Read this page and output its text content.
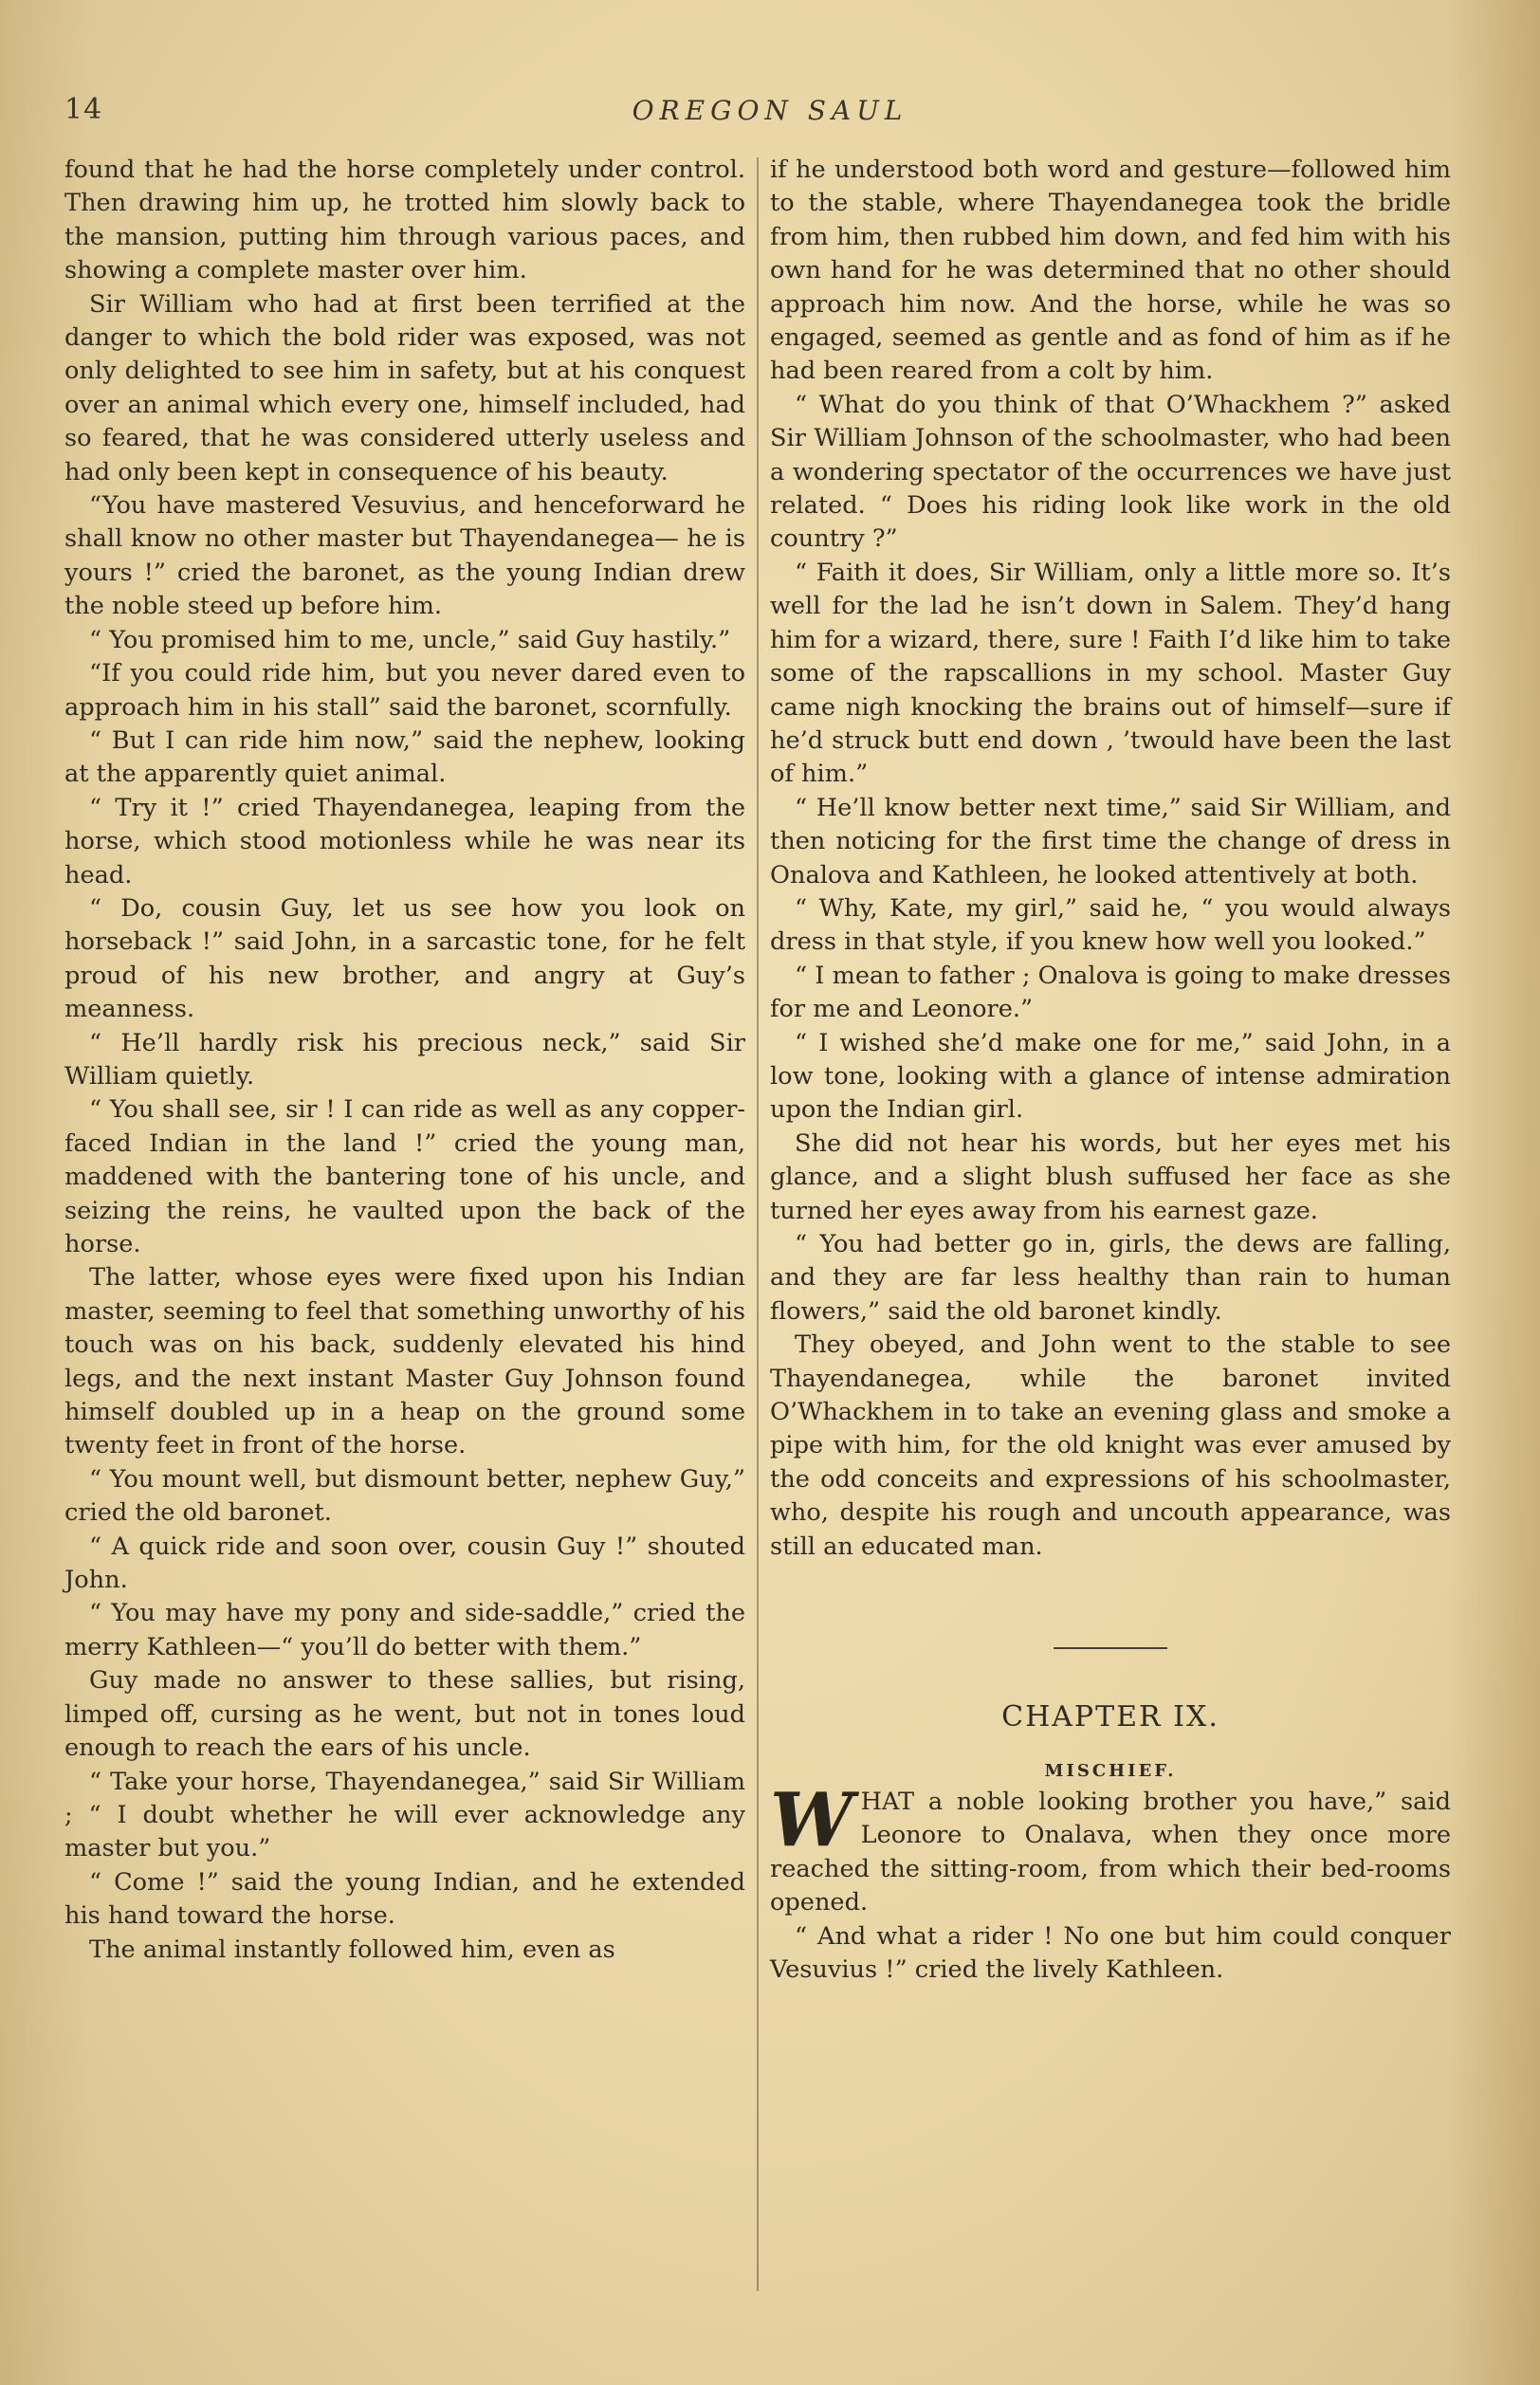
14	OREGON SAUL

found that he had the horse completely under control. Then drawing him up, he trotted him slowly back to the mansion, putting him through various paces, and showing a complete master over him.

Sir William who had at first been terrified at the danger to which the bold rider was exposed, was not only delighted to see him in safety, but at his conquest over an animal which every one, himself included, had so feared, that he was considered utterly useless and had only been kept in consequence of his beauty.

“You have mastered Vesuvius, and henceforward he shall know no other master but Thayendanegea— he is yours !” cried the baronet, as the young Indian drew the noble steed up before him.

“ You promised him to me, uncle,” said Guy hastily.”

“If you could ride him, but you never dared even to approach him in his stall” said the baronet, scornfully.

“ But I can ride him now,” said the nephew, looking at the apparently quiet animal.

“ Try it !” cried Thayendanegea, leaping from the horse, which stood motionless while he was near its head.

“ Do, cousin Guy, let us see how you look on horseback !” said John, in a sarcastic tone, for he felt proud of his new brother, and angry at Guy’s meanness.

“ He’ll hardly risk his precious neck,” said Sir William quietly.

“ You shall see, sir ! I can ride as well as any copper-faced Indian in the land !” cried the young man, maddened with the bantering tone of his uncle, and seizing the reins, he vaulted upon the back of the horse.

The latter, whose eyes were fixed upon his Indian master, seeming to feel that something unworthy of his touch was on his back, suddenly elevated his hind legs, and the next instant Master Guy Johnson found himself doubled up in a heap on the ground some twenty feet in front of the horse.

“ You mount well, but dismount better, nephew Guy,” cried the old baronet.

“ A quick ride and soon over, cousin Guy !” shouted John.

“ You may have my pony and side-saddle,” cried the merry Kathleen—“ you’ll do better with them.”

Guy made no answer to these sallies, but rising, limped off, cursing as he went, but not in tones loud enough to reach the ears of his uncle.

“ Take your horse, Thayendanegea,” said Sir William ; “ I doubt whether he will ever acknowledge any master but you.”

“ Come !” said the young Indian, and he extended his hand toward the horse.

The animal instantly followed him, even as

if he understood both word and gesture—followed him to the stable, where Thayendanegea took the bridle from him, then rubbed him down, and fed him with his own hand for he was determined that no other should approach him now. And the horse, while he was so engaged, seemed as gentle and as fond of him as if he had been reared from a colt by him.

“ What do you think of that O’Whackhem ?” asked Sir William Johnson of the schoolmaster, who had been a wondering spectator of the occurrences we have just related. “ Does his riding look like work in the old country ?”

“ Faith it does, Sir William, only a little more so. It’s well for the lad he isn’t down in Salem. They’d hang him for a wizard, there, sure ! Faith I’d like him to take some of the rapscallions in my school. Master Guy came nigh knocking the brains out of himself—sure if he’d struck butt end down , ’twould have been the last of him.”

“ He’ll know better next time,” said Sir William, and then noticing for the first time the change of dress in Onalova and Kathleen, he looked attentively at both.

“ Why, Kate, my girl,” said he, “ you would always dress in that style, if you knew how well you looked.”

“ I mean to father ; Onalova is going to make dresses for me and Leonore.”

“ I wished she’d make one for me,” said John, in a low tone, looking with a glance of intense admiration upon the Indian girl.

She did not hear his words, but her eyes met his glance, and a slight blush suffused her face as she turned her eyes away from his earnest gaze.

“ You had better go in, girls, the dews are falling, and they are far less healthy than rain to human flowers,” said the old baronet kindly.

They obeyed, and John went to the stable to see Thayendanegea, while the baronet invited O’Whackhem in to take an evening glass and smoke a pipe with him, for the old knight was ever amused by the odd conceits and expressions of his schoolmaster, who, despite his rough and uncouth appearance, was still an educated man.

CHAPTER IX.
MISCHIEF.

WHAT a noble looking brother you have,” said Leonore to Onalava, when they once more reached the sitting-room, from which their bed-rooms opened.

“ And what a rider ! No one but him could conquer Vesuvius !” cried the lively Kathleen.
